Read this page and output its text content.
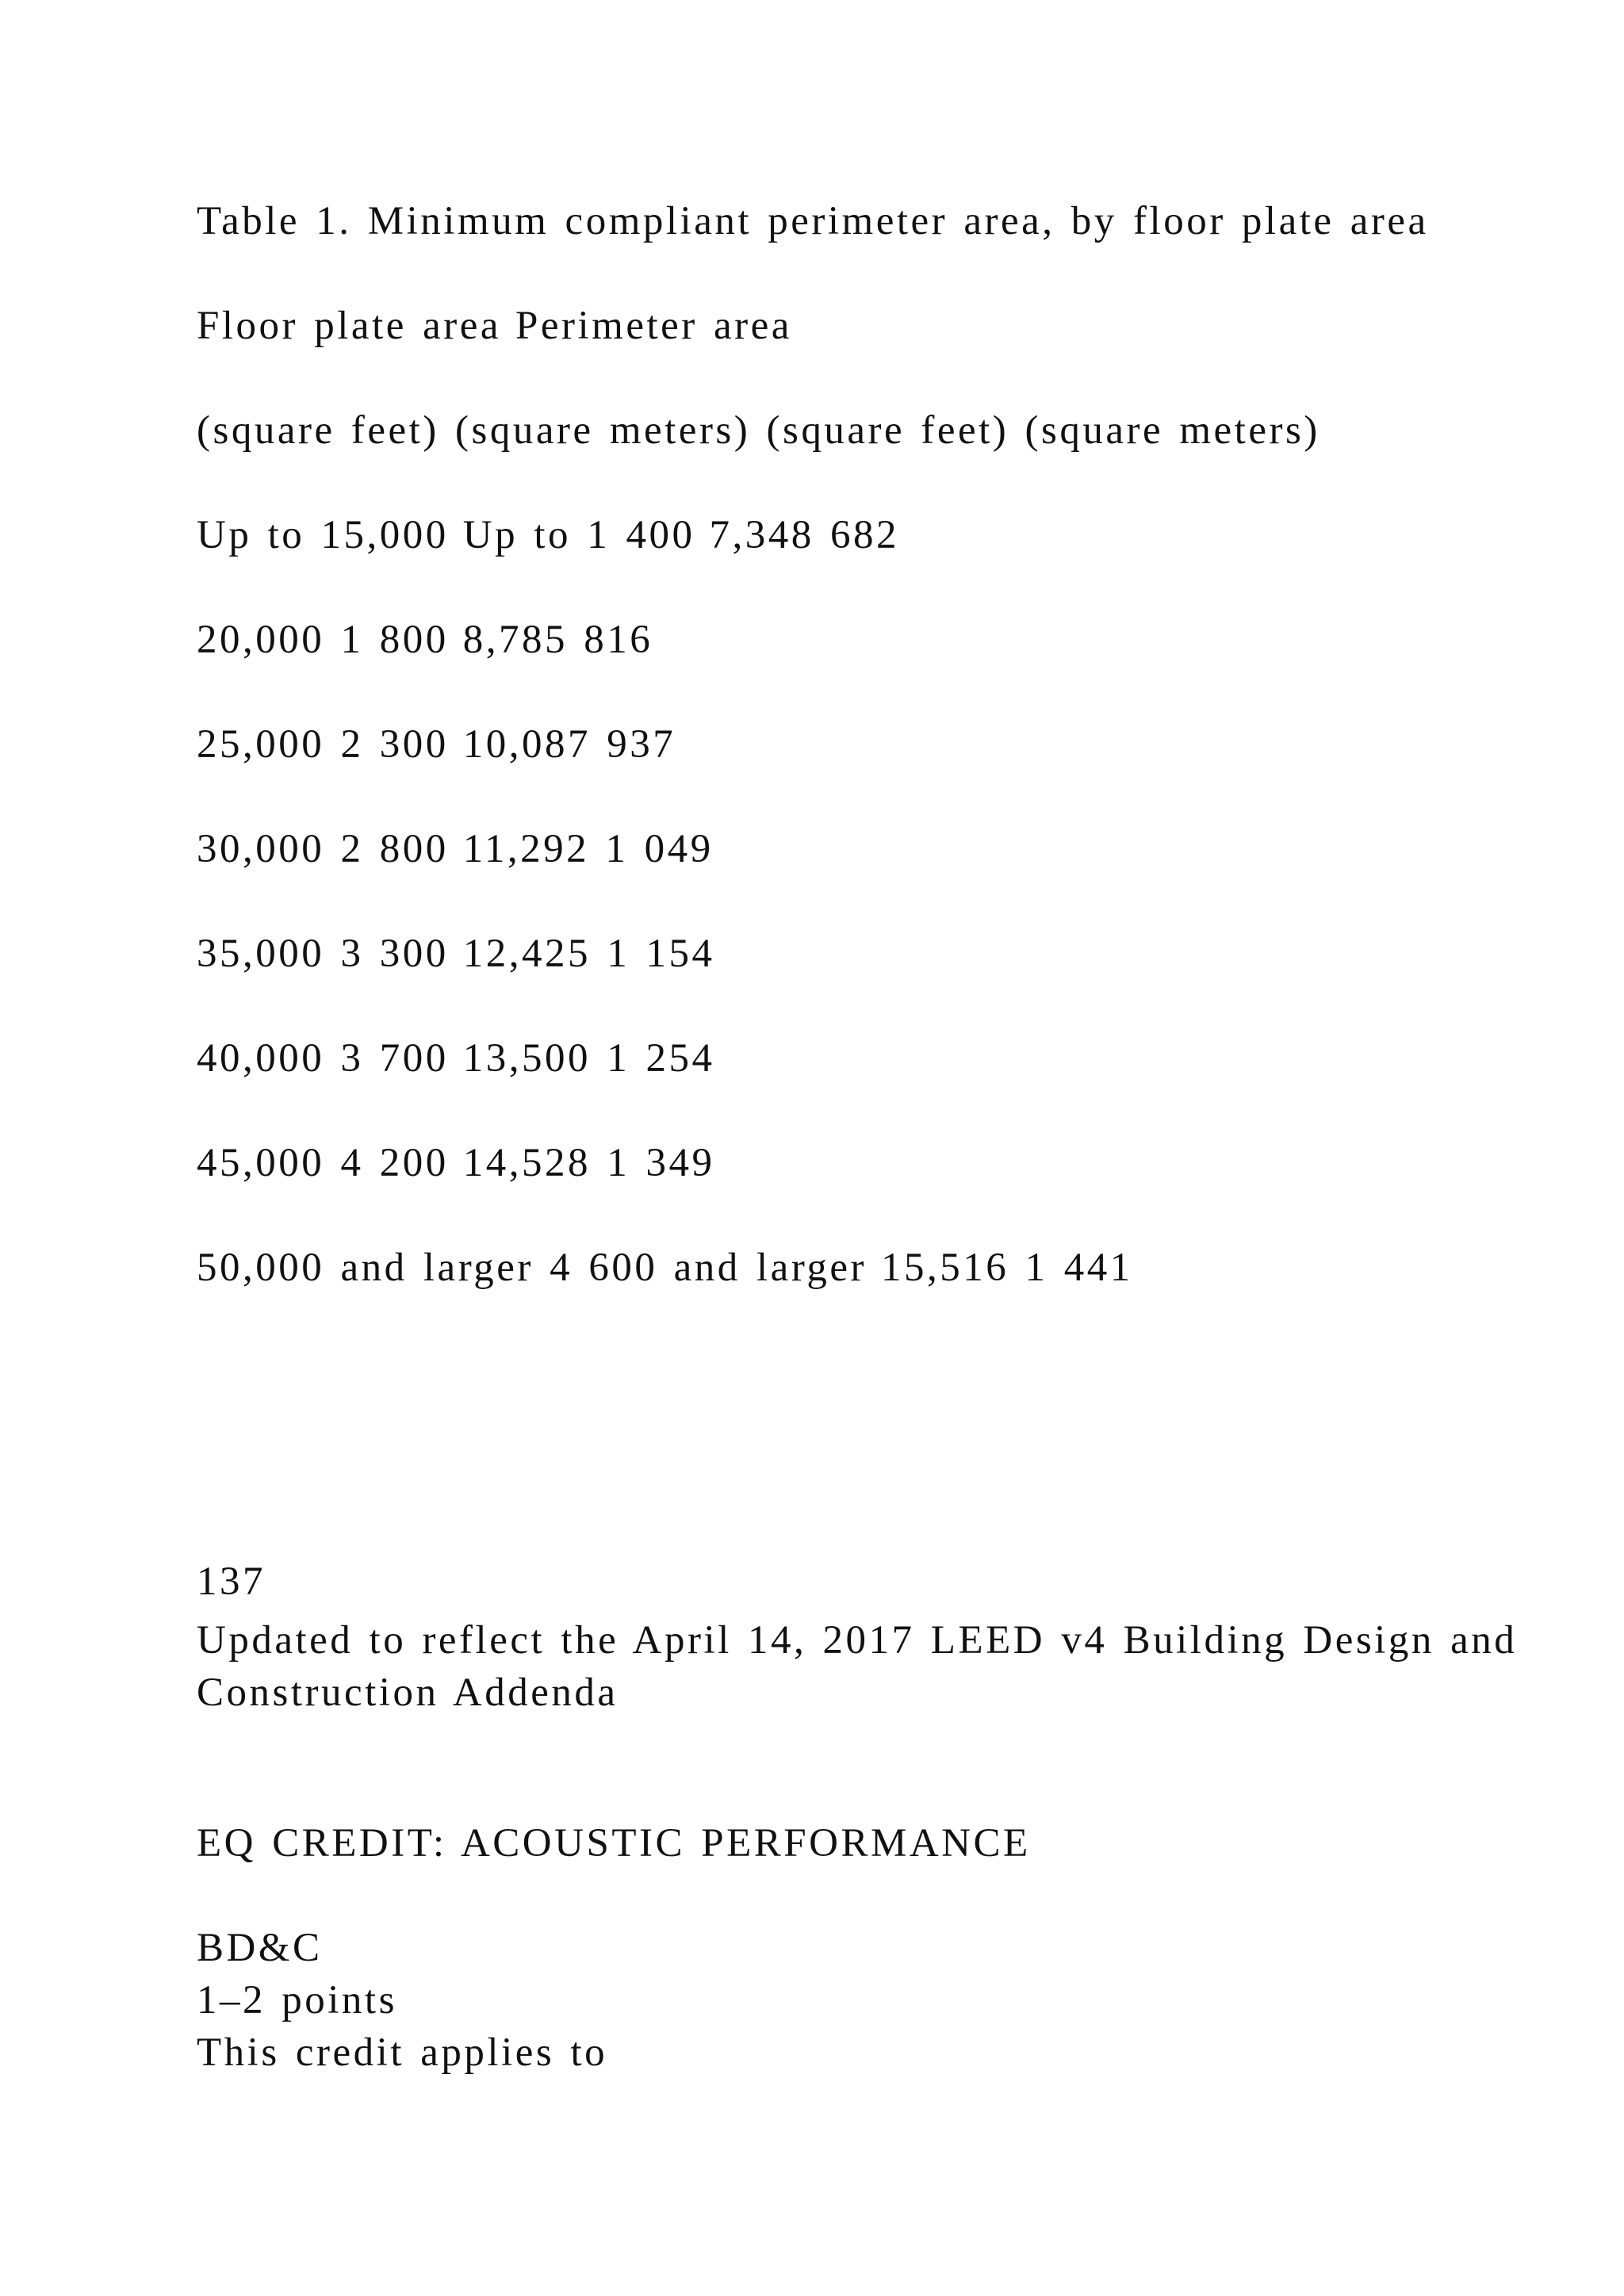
Table 1. Minimum compliant perimeter area, by floor plate area

Floor plate area Perimeter area

(square feet) (square meters) (square feet) (square meters)

Up to 15,000 Up to 1 400 7,348 682

20,000 1 800 8,785 816

25,000 2 300 10,087 937

30,000 2 800 11,292 1 049

35,000 3 300 12,425 1 154

40,000 3 700 13,500 1 254

45,000 4 200 14,528 1 349

50,000 and larger 4 600 and larger 15,516 1 441

137

Updated to reflect the April 14, 2017 LEED v4 Building Design and Construction Addenda

EQ CREDIT: ACOUSTIC PERFORMANCE

BD&C

1–2 points

This credit applies to
